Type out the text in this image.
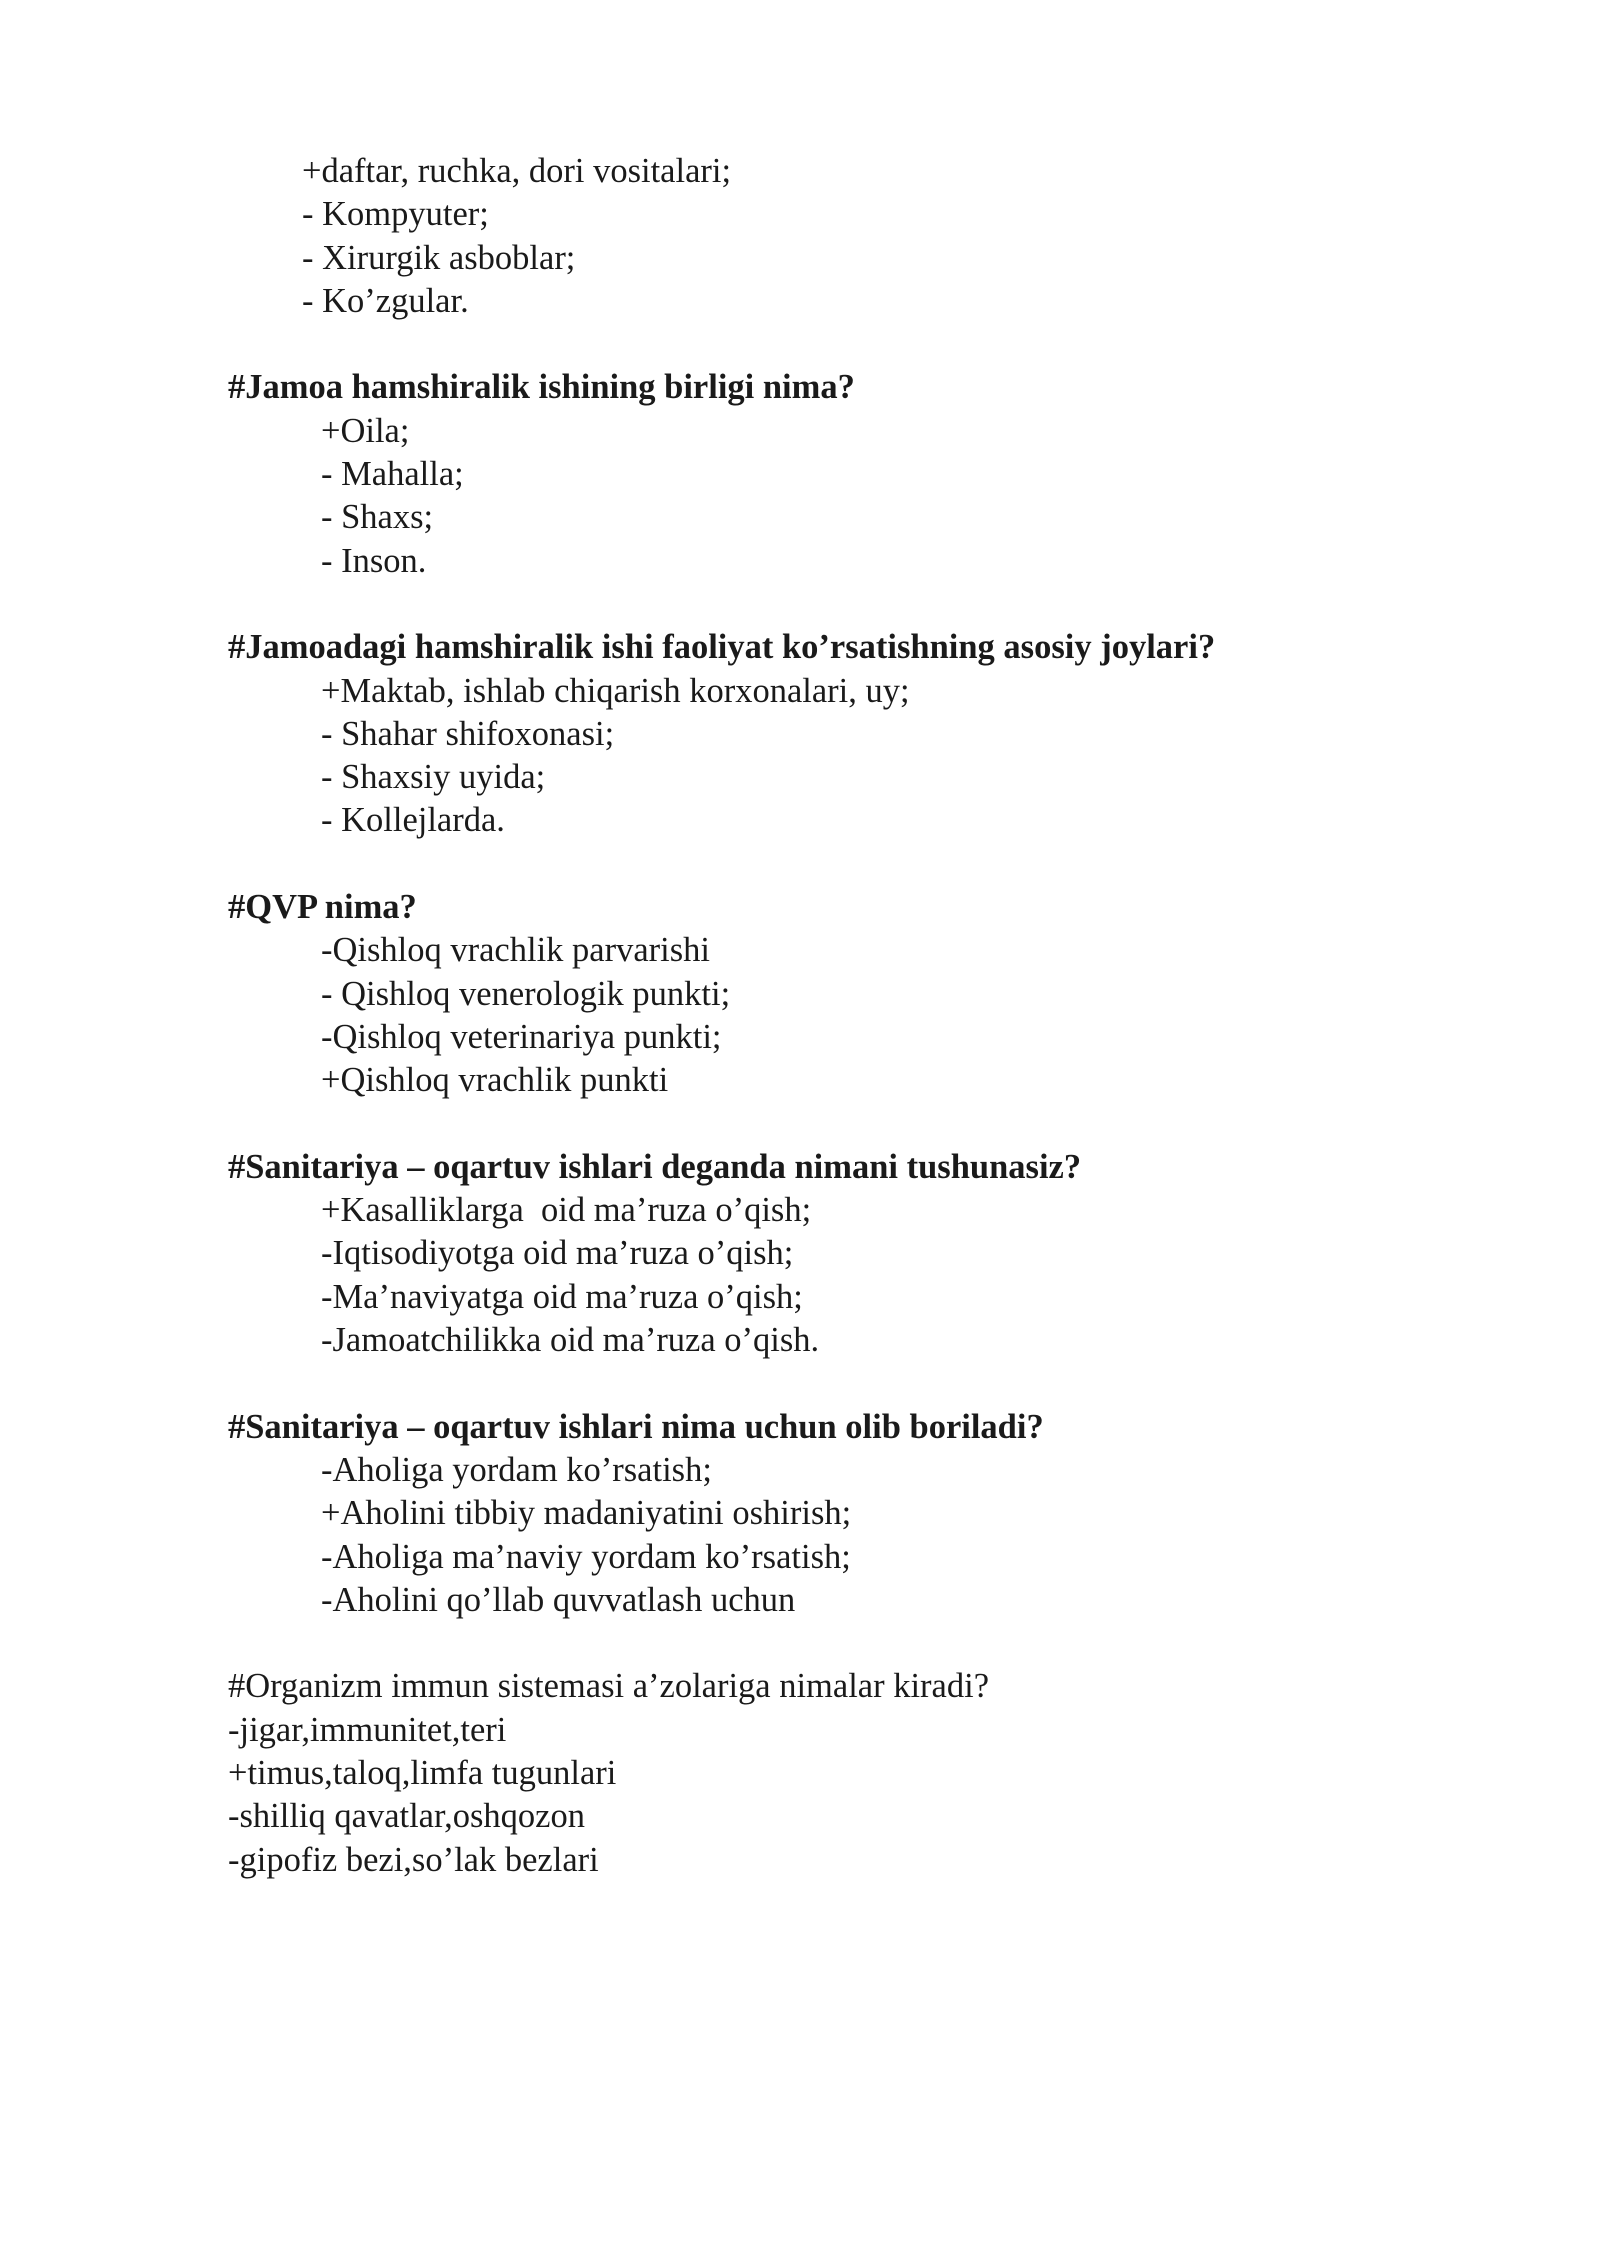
+daftar, ruchka, dori vositalari;
- Kompyuter;
- Xirurgik asboblar;
- Ko’zgular.
#Jamoa hamshiralik ishining birligi nima?
+Oila;
- Mahalla;
- Shaxs;
- Inson.
#Jamoadagi hamshiralik ishi faoliyat ko’rsatishning asosiy joylari?
+Maktab, ishlab chiqarish korxonalari, uy;
- Shahar shifoxonasi;
- Shaxsiy uyida;
- Kollejlarda.
#QVP nima?
-Qishloq vrachlik parvarishi
- Qishloq venerologik punkti;
-Qishloq veterinariya punkti;
+Qishloq vrachlik punkti
#Sanitariya – oqartuv ishlari deganda nimani tushunasiz?
+Kasalliklarga  oid ma’ruza o’qish;
-Iqtisodiyotga oid ma’ruza o’qish;
-Ma’naviyatga oid ma’ruza o’qish;
-Jamoatchilikka oid ma’ruza o’qish.
#Sanitariya – oqartuv ishlari nima uchun olib boriladi?
-Aholiga yordam ko’rsatish;
+Aholini tibbiy madaniyatini oshirish;
-Aholiga ma’naviy yordam ko’rsatish;
-Aholini qo’llab quvvatlash uchun
#Organizm immun sistemasi a’zolariga nimalar kiradi?
-jigar,immunitet,teri
+timus,taloq,limfa tugunlari
-shilliq qavatlar,oshqozon
-gipofiz bezi,so’lak bezlari
